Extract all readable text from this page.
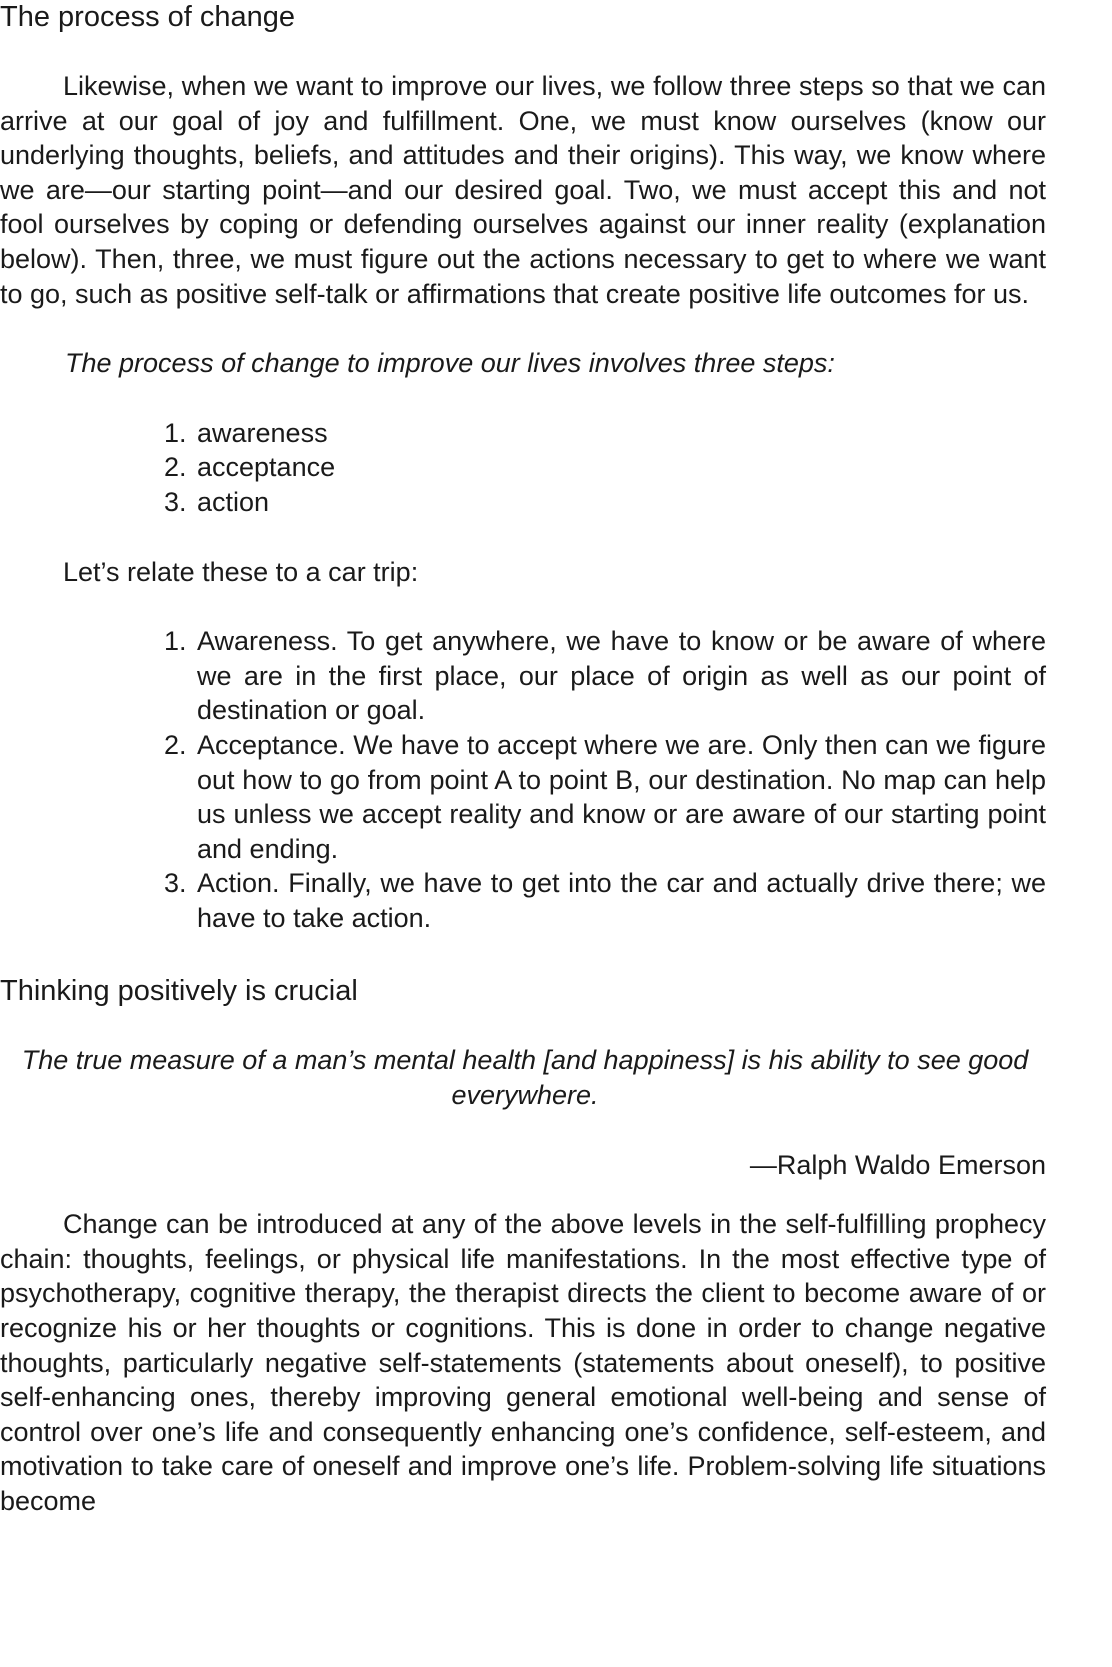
The process of change

Likewise, when we want to improve our lives, we follow three steps so that we can arrive at our goal of joy and fulfillment. One, we must know ourselves (know our underlying thoughts, beliefs, and attitudes and their origins). This way, we know where we are—our starting point—and our desired goal. Two, we must accept this and not fool ourselves by coping or defending ourselves against our inner reality (explanation below). Then, three, we must figure out the actions necessary to get to where we want to go, such as positive self-talk or affirmations that create positive life outcomes for us.

The process of change to improve our lives involves three steps:

1. awareness
2. acceptance
3. action

Let’s relate these to a car trip:

1. Awareness. To get anywhere, we have to know or be aware of where we are in the first place, our place of origin as well as our point of destination or goal.
2. Acceptance. We have to accept where we are. Only then can we figure out how to go from point A to point B, our destination. No map can help us unless we accept reality and know or are aware of our starting point and ending.
3. Action. Finally, we have to get into the car and actually drive there; we have to take action.
Thinking positively is crucial

The true measure of a man’s mental health [and happiness] is his ability to see good everywhere.

—Ralph Waldo Emerson

Change can be introduced at any of the above levels in the self-fulfilling prophecy chain: thoughts, feelings, or physical life manifestations. In the most effective type of psychotherapy, cognitive therapy, the therapist directs the client to become aware of or recognize his or her thoughts or cognitions. This is done in order to change negative thoughts, particularly negative self-statements (statements about oneself), to positive self-enhancing ones, thereby improving general emotional well-being and sense of control over one’s life and consequently enhancing one’s confidence, self-esteem, and motivation to take care of oneself and improve one’s life. Problem-solving life situations become
